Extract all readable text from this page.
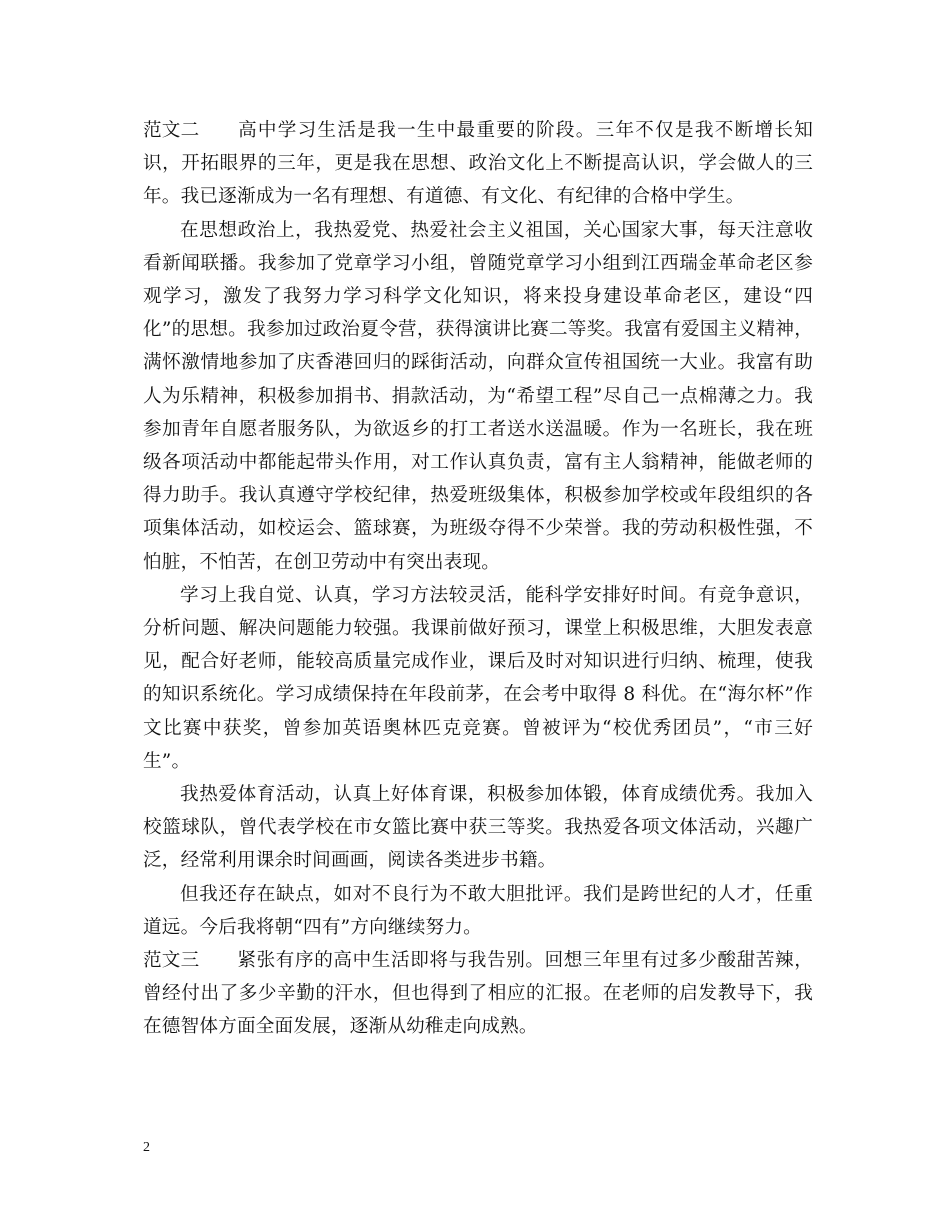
范文二 高中学习生活是我一生中最重要的阶段。三年不仅是我不断增长知识，开拓眼界的三年，更是我在思想、政治文化上不断提高认识，学会做人的三年。我已逐渐成为一名有理想、有道德、有文化、有纪律的合格中学生。

在思想政治上，我热爱党、热爱社会主义祖国，关心国家大事，每天注意收看新闻联播。我参加了党章学习小组，曾随党章学习小组到江西瑞金革命老区参观学习，激发了我努力学习科学文化知识，将来投身建设革命老区，建设“四化”的思想。我参加过政治夏令营，获得演讲比赛二等奖。我富有爱国主义精神，满怀激情地参加了庆香港回归的踩街活动，向群众宣传祖国统一大业。我富有助人为乐精神，积极参加捐书、捐款活动，为“希望工程”尽自己一点棉薄之力。我参加青年自愿者服务队，为欲返乡的打工者送水送温暖。作为一名班长，我在班级各项活动中都能起带头作用，对工作认真负责，富有主人翁精神，能做老师的得力助手。我认真遵守学校纪律，热爱班级集体，积极参加学校或年段组织的各项集体活动，如校运会、篮球赛，为班级夺得不少荣誉。我的劳动积极性强，不怕脏，不怕苦，在创卫劳动中有突出表现。

学习上我自觉、认真，学习方法较灵活，能科学安排好时间。有竞争意识，分析问题、解决问题能力较强。我课前做好预习，课堂上积极思维，大胆发表意见，配合好老师，能较高质量完成作业，课后及时对知识进行归纳、梳理，使我的知识系统化。学习成绩保持在年段前茅，在会考中取得 8 科优。在“海尔杯”作文比赛中获奖，曾参加英语奥林匹克竞赛。曾被评为“校优秀团员”，“市三好生”。

我热爱体育活动，认真上好体育课，积极参加体锻，体育成绩优秀。我加入校篮球队，曾代表学校在市女篮比赛中获三等奖。我热爱各项文体活动，兴趣广泛，经常利用课余时间画画，阅读各类进步书籍。

但我还存在缺点，如对不良行为不敢大胆批评。我们是跨世纪的人才，任重道远。今后我将朝“四有”方向继续努力。

范文三 紧张有序的高中生活即将与我告别。回想三年里有过多少酸甜苦辣，曾经付出了多少辛勤的汗水，但也得到了相应的汇报。在老师的启发教导下，我在德智体方面全面发展，逐渐从幼稚走向成熟。

2
